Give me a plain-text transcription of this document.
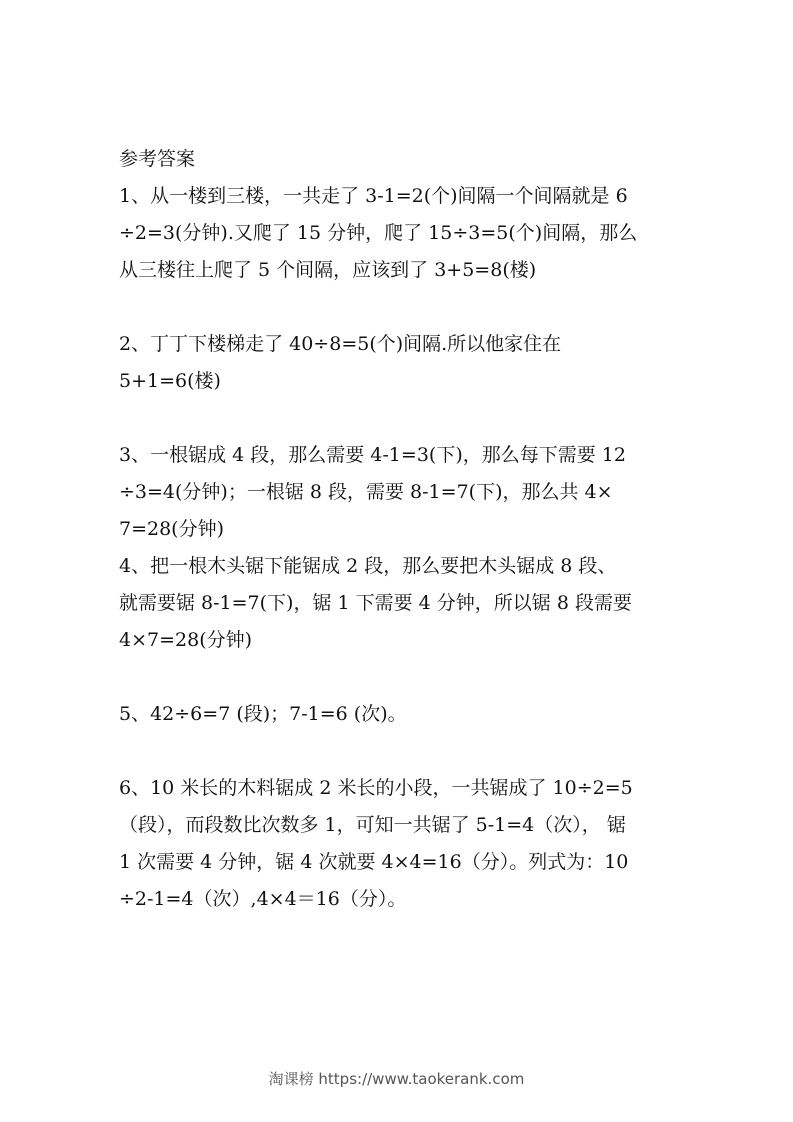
参考答案
1、从一楼到三楼，一共走了 3-1=2(个)间隔一个间隔就是 6
÷2=3(分钟).又爬了 15 分钟，爬了 15÷3=5(个)间隔，那么
从三楼往上爬了 5 个间隔，应该到了 3+5=8(楼)
2、丁丁下楼梯走了 40÷8=5(个)间隔.所以他家住在
5+1=6(楼)
3、一根锯成 4 段，那么需要 4-1=3(下)，那么每下需要 12
÷3=4(分钟)；一根锯 8 段，需要 8-1=7(下)，那么共 4×
7=28(分钟)
4、把一根木头锯下能锯成 2 段，那么要把木头锯成 8 段、
就需要锯 8-1=7(下)，锯 1 下需要 4 分钟，所以锯 8 段需要
4×7=28(分钟)
5、42÷6=7 (段)；7-1=6 (次)。
6、10 米长的木料锯成 2 米长的小段，一共锯成了 10÷2=5
（段），而段数比次数多 1，可知一共锯了 5-1=4（次）， 锯
1 次需要 4 分钟，锯 4 次就要 4×4=16（分）。列式为：10
÷2-1=4（次）,4×4＝16（分）。
淘课榜 https://www.taokerank.com
